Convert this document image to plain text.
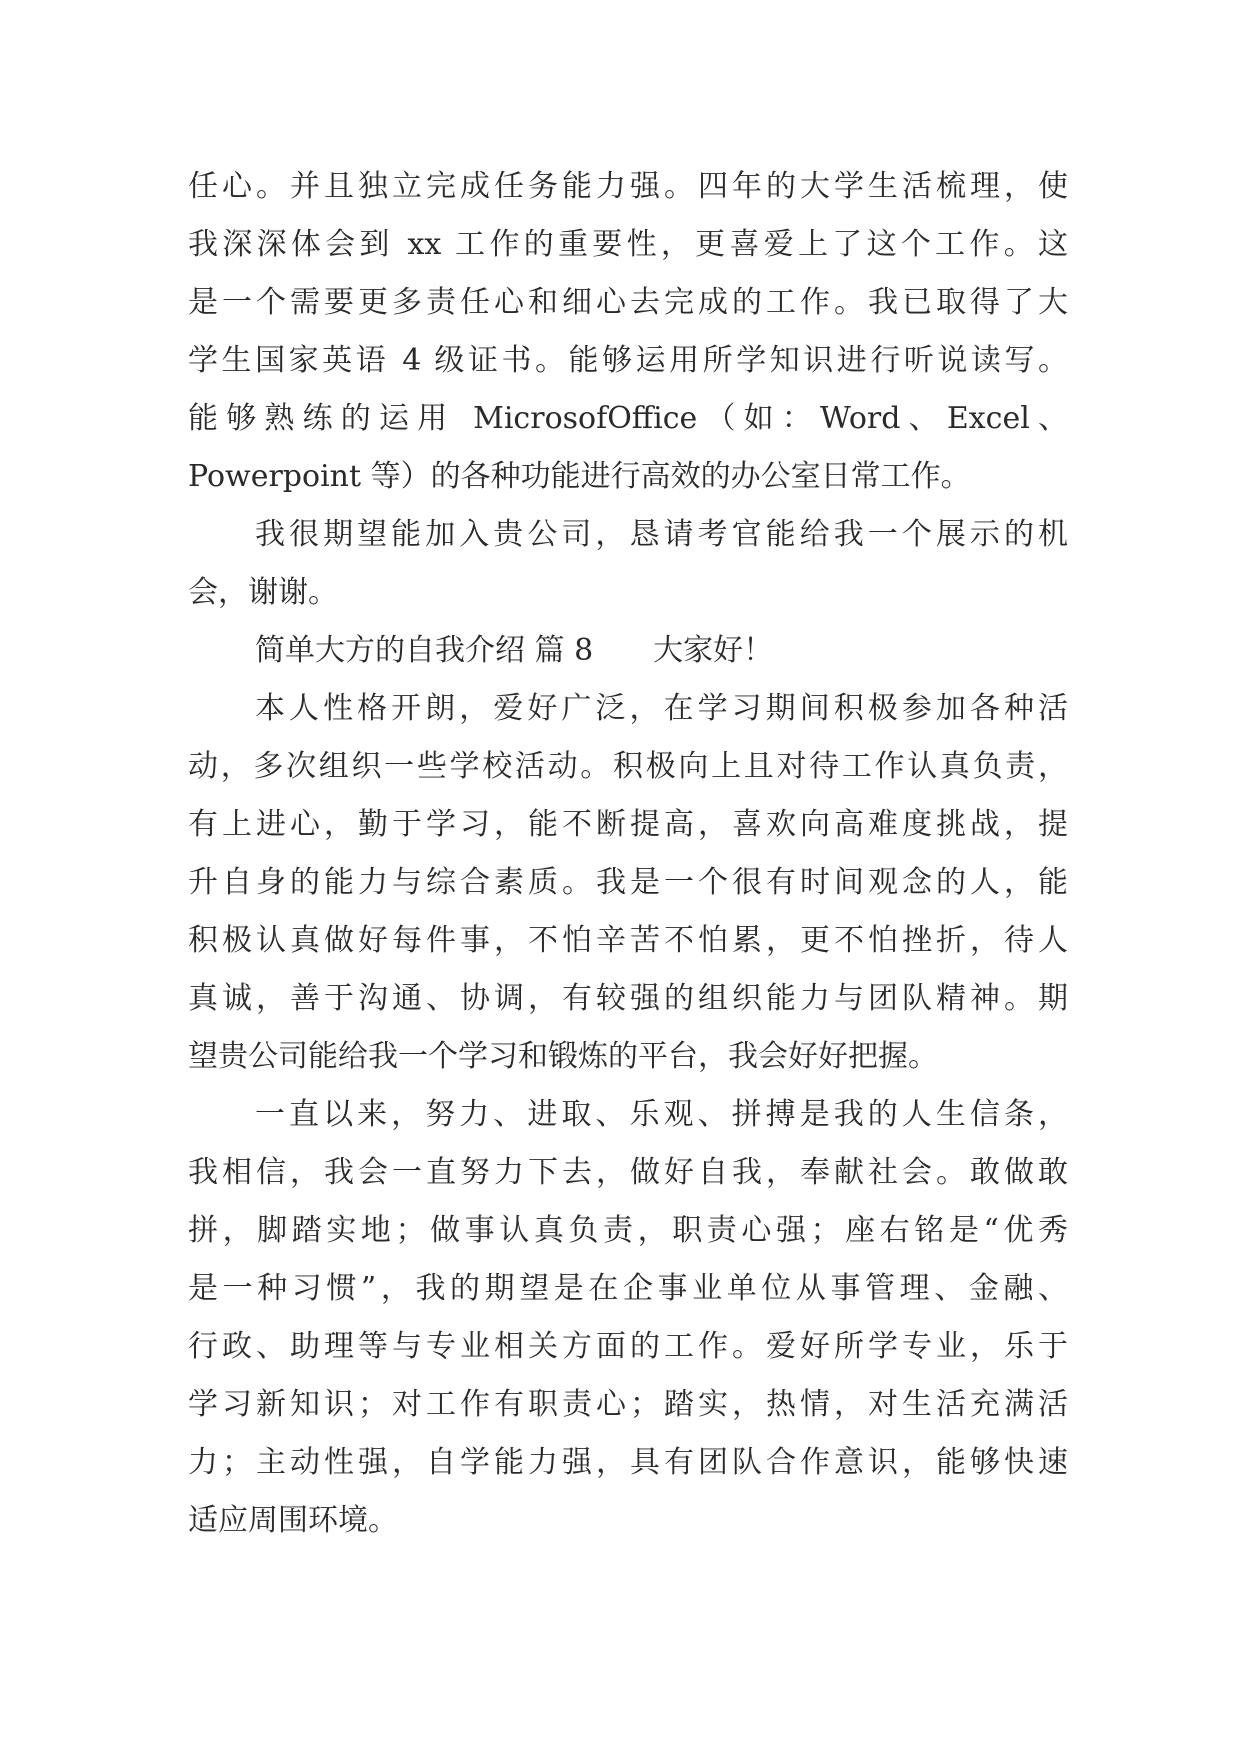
任心。并且独立完成任务能力强。四年的大学生活梳理，使
我深深体会到 xx 工作的重要性，更喜爱上了这个工作。这
是一个需要更多责任心和细心去完成的工作。我已取得了大
学生国家英语 4 级证书。能够运用所学知识进行听说读写。
能够熟练的运用 MicrosofOffice（如：Word、Excel、
Powerpoint 等）的各种功能进行高效的办公室日常工作。
我很期望能加入贵公司，恳请考官能给我一个展示的机
会，谢谢。
简单大方的自我介绍 篇 8　　大家好！
本人性格开朗，爱好广泛，在学习期间积极参加各种活
动，多次组织一些学校活动。积极向上且对待工作认真负责，
有上进心，勤于学习，能不断提高，喜欢向高难度挑战，提
升自身的能力与综合素质。我是一个很有时间观念的人，能
积极认真做好每件事，不怕辛苦不怕累，更不怕挫折，待人
真诚，善于沟通、协调，有较强的组织能力与团队精神。期
望贵公司能给我一个学习和锻炼的平台，我会好好把握。
一直以来，努力、进取、乐观、拼搏是我的人生信条，
我相信，我会一直努力下去，做好自我，奉献社会。敢做敢
拼，脚踏实地；做事认真负责，职责心强；座右铭是“优秀
是一种习惯”，我的期望是在企事业单位从事管理、金融、
行政、助理等与专业相关方面的工作。爱好所学专业，乐于
学习新知识；对工作有职责心；踏实，热情，对生活充满活
力；主动性强，自学能力强，具有团队合作意识，能够快速
适应周围环境。
